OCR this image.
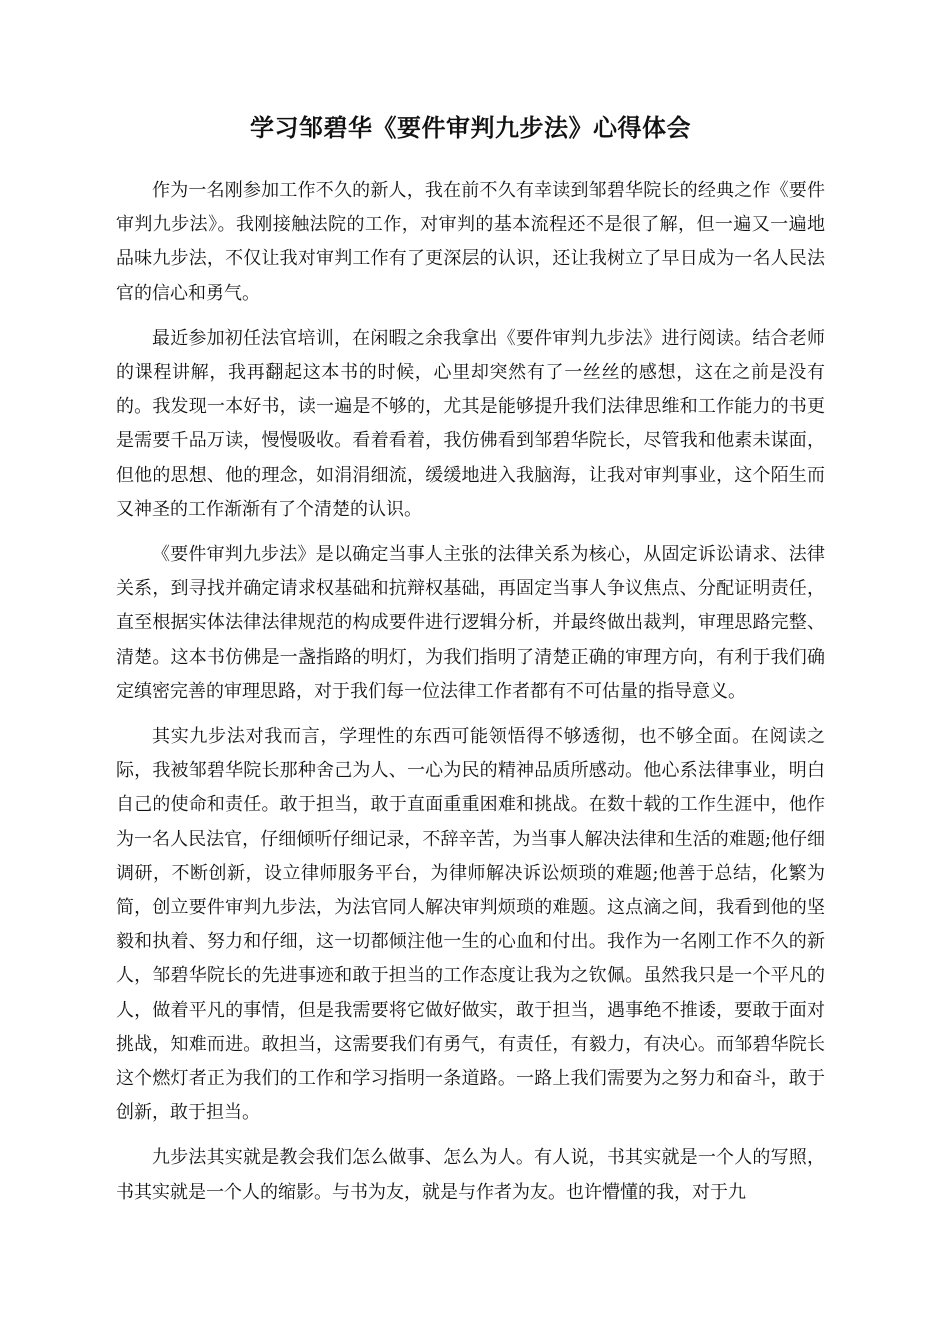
学习邹碧华《要件审判九步法》心得体会

作为一名刚参加工作不久的新人，我在前不久有幸读到邹碧华院长的经典之作《要件审判九步法》。我刚接触法院的工作，对审判的基本流程还不是很了解，但一遍又一遍地品味九步法，不仅让我对审判工作有了更深层的认识，还让我树立了早日成为一名人民法官的信心和勇气。

最近参加初任法官培训，在闲暇之余我拿出《要件审判九步法》进行阅读。结合老师的课程讲解，我再翻起这本书的时候，心里却突然有了一丝丝的感想，这在之前是没有的。我发现一本好书，读一遍是不够的，尤其是能够提升我们法律思维和工作能力的书更是需要千品万读，慢慢吸收。看着看着，我仿佛看到邹碧华院长，尽管我和他素未谋面，但他的思想、他的理念，如涓涓细流，缓缓地进入我脑海，让我对审判事业，这个陌生而又神圣的工作渐渐有了个清楚的认识。

《要件审判九步法》是以确定当事人主张的法律关系为核心，从固定诉讼请求、法律关系，到寻找并确定请求权基础和抗辩权基础，再固定当事人争议焦点、分配证明责任，直至根据实体法律法律规范的构成要件进行逻辑分析，并最终做出裁判，审理思路完整、清楚。这本书仿佛是一盏指路的明灯，为我们指明了清楚正确的审理方向，有利于我们确定缜密完善的审理思路，对于我们每一位法律工作者都有不可估量的指导意义。

其实九步法对我而言，学理性的东西可能领悟得不够透彻，也不够全面。在阅读之际，我被邹碧华院长那种舍己为人、一心为民的精神品质所感动。他心系法律事业，明白自己的使命和责任。敢于担当，敢于直面重重困难和挑战。在数十载的工作生涯中，他作为一名人民法官，仔细倾听仔细记录，不辞辛苦，为当事人解决法律和生活的难题;他仔细调研，不断创新，设立律师服务平台，为律师解决诉讼烦琐的难题;他善于总结，化繁为简，创立要件审判九步法，为法官同人解决审判烦琐的难题。这点滴之间，我看到他的坚毅和执着、努力和仔细，这一切都倾注他一生的心血和付出。我作为一名刚工作不久的新人，邹碧华院长的先进事迹和敢于担当的工作态度让我为之钦佩。虽然我只是一个平凡的人，做着平凡的事情，但是我需要将它做好做实，敢于担当，遇事绝不推诿，要敢于面对挑战，知难而进。敢担当，这需要我们有勇气，有责任，有毅力，有决心。而邹碧华院长这个燃灯者正为我们的工作和学习指明一条道路。一路上我们需要为之努力和奋斗，敢于创新，敢于担当。

九步法其实就是教会我们怎么做事、怎么为人。有人说，书其实就是一个人的写照，书其实就是一个人的缩影。与书为友，就是与作者为友。也许懵懂的我，对于九
